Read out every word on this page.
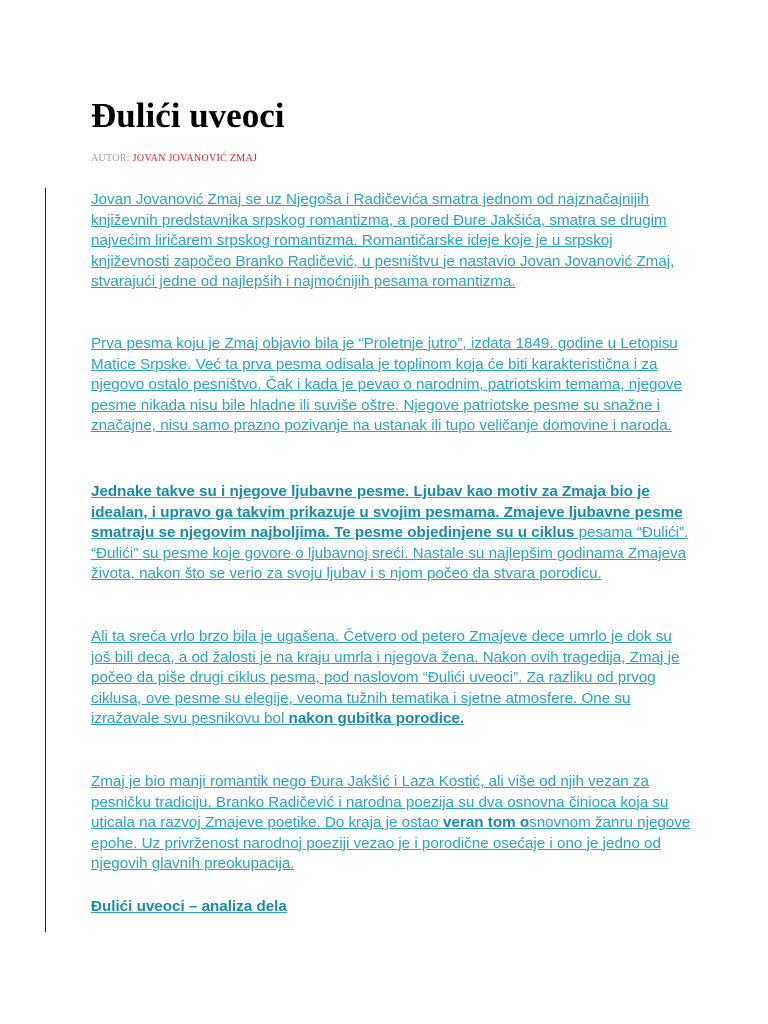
Đulići uveoci
AUTOR: JOVAN JOVANOVIĆ ZMAJ

Jovan Jovanović Zmaj se uz Njegoša i Radičevića smatra jednom od najznačajnijih književnih predstavnika srpskog romantizma, a pored Đure Jakšića, smatra se drugim najvećim liričarem srpskog romantizma. Romantičarske ideje koje je u srpskoj književnosti započeo Branko Radičević, u pesništvu je nastavio Jovan Jovanović Zmaj, stvarajući jedne od najlepših i najmoćnijih pesama romantizma.

Prva pesma koju je Zmaj objavio bila je “Proletnje jutro”, izdata 1849. godine u Letopisu Matice Srpske. Već ta prva pesma odisala je toplinom koja će biti karakteristična i za njegovo ostalo pesništvo. Čak i kada je pevao o narodnim, patriotskim temama, njegove pesme nikada nisu bile hladne ili suviše oštre. Njegove patriotske pesme su snažne i značajne, nisu samo prazno pozivanje na ustanak ili tupo veličanje domovine i naroda.

Jednake takve su i njegove ljubavne pesme. Ljubav kao motiv za Zmaja bio je idealan, i upravo ga takvim prikazuje u svojim pesmama. Zmajeve ljubavne pesme smatraju se njegovim najboljima. Te pesme objedinjene su u ciklus pesama “Đulići”. “Đulići” su pesme koje govore o ljubavnoj sreći. Nastale su najlepšim godinama Zmajeva života, nakon što se verio za svoju ljubav i s njom počeo da stvara porodicu.

Ali ta sreća vrlo brzo bila je ugašena. Četvero od petero Zmajeve dece umrlo je dok su još bili deca, a od žalosti je na kraju umrla i njegova žena. Nakon ovih tragedija, Zmaj je počeo da piše drugi ciklus pesma, pod naslovom “Đulići uveoci”. Za razliku od prvog ciklusa, ove pesme su elegije, veoma tužnih tematika i sjetne atmosfere. One su izražavale svu pesnikovu bol nakon gubitka porodice.

Zmaj je bio manji romantik nego Đura Jakšić i Laza Kostić, ali više od njih vezan za pesničku tradiciju. Branko Radičević i narodna poezija su dva osnovna činioca koja su uticala na razvoj Zmajeve poetike. Do kraja je ostao veran tom osnovnom žanru njegove epohe. Uz privrženost narodnoj poeziji vezao je i porodične osećaje i ono je jedno od njegovih glavnih preokupacija.

Đulići uveoci – analiza dela
